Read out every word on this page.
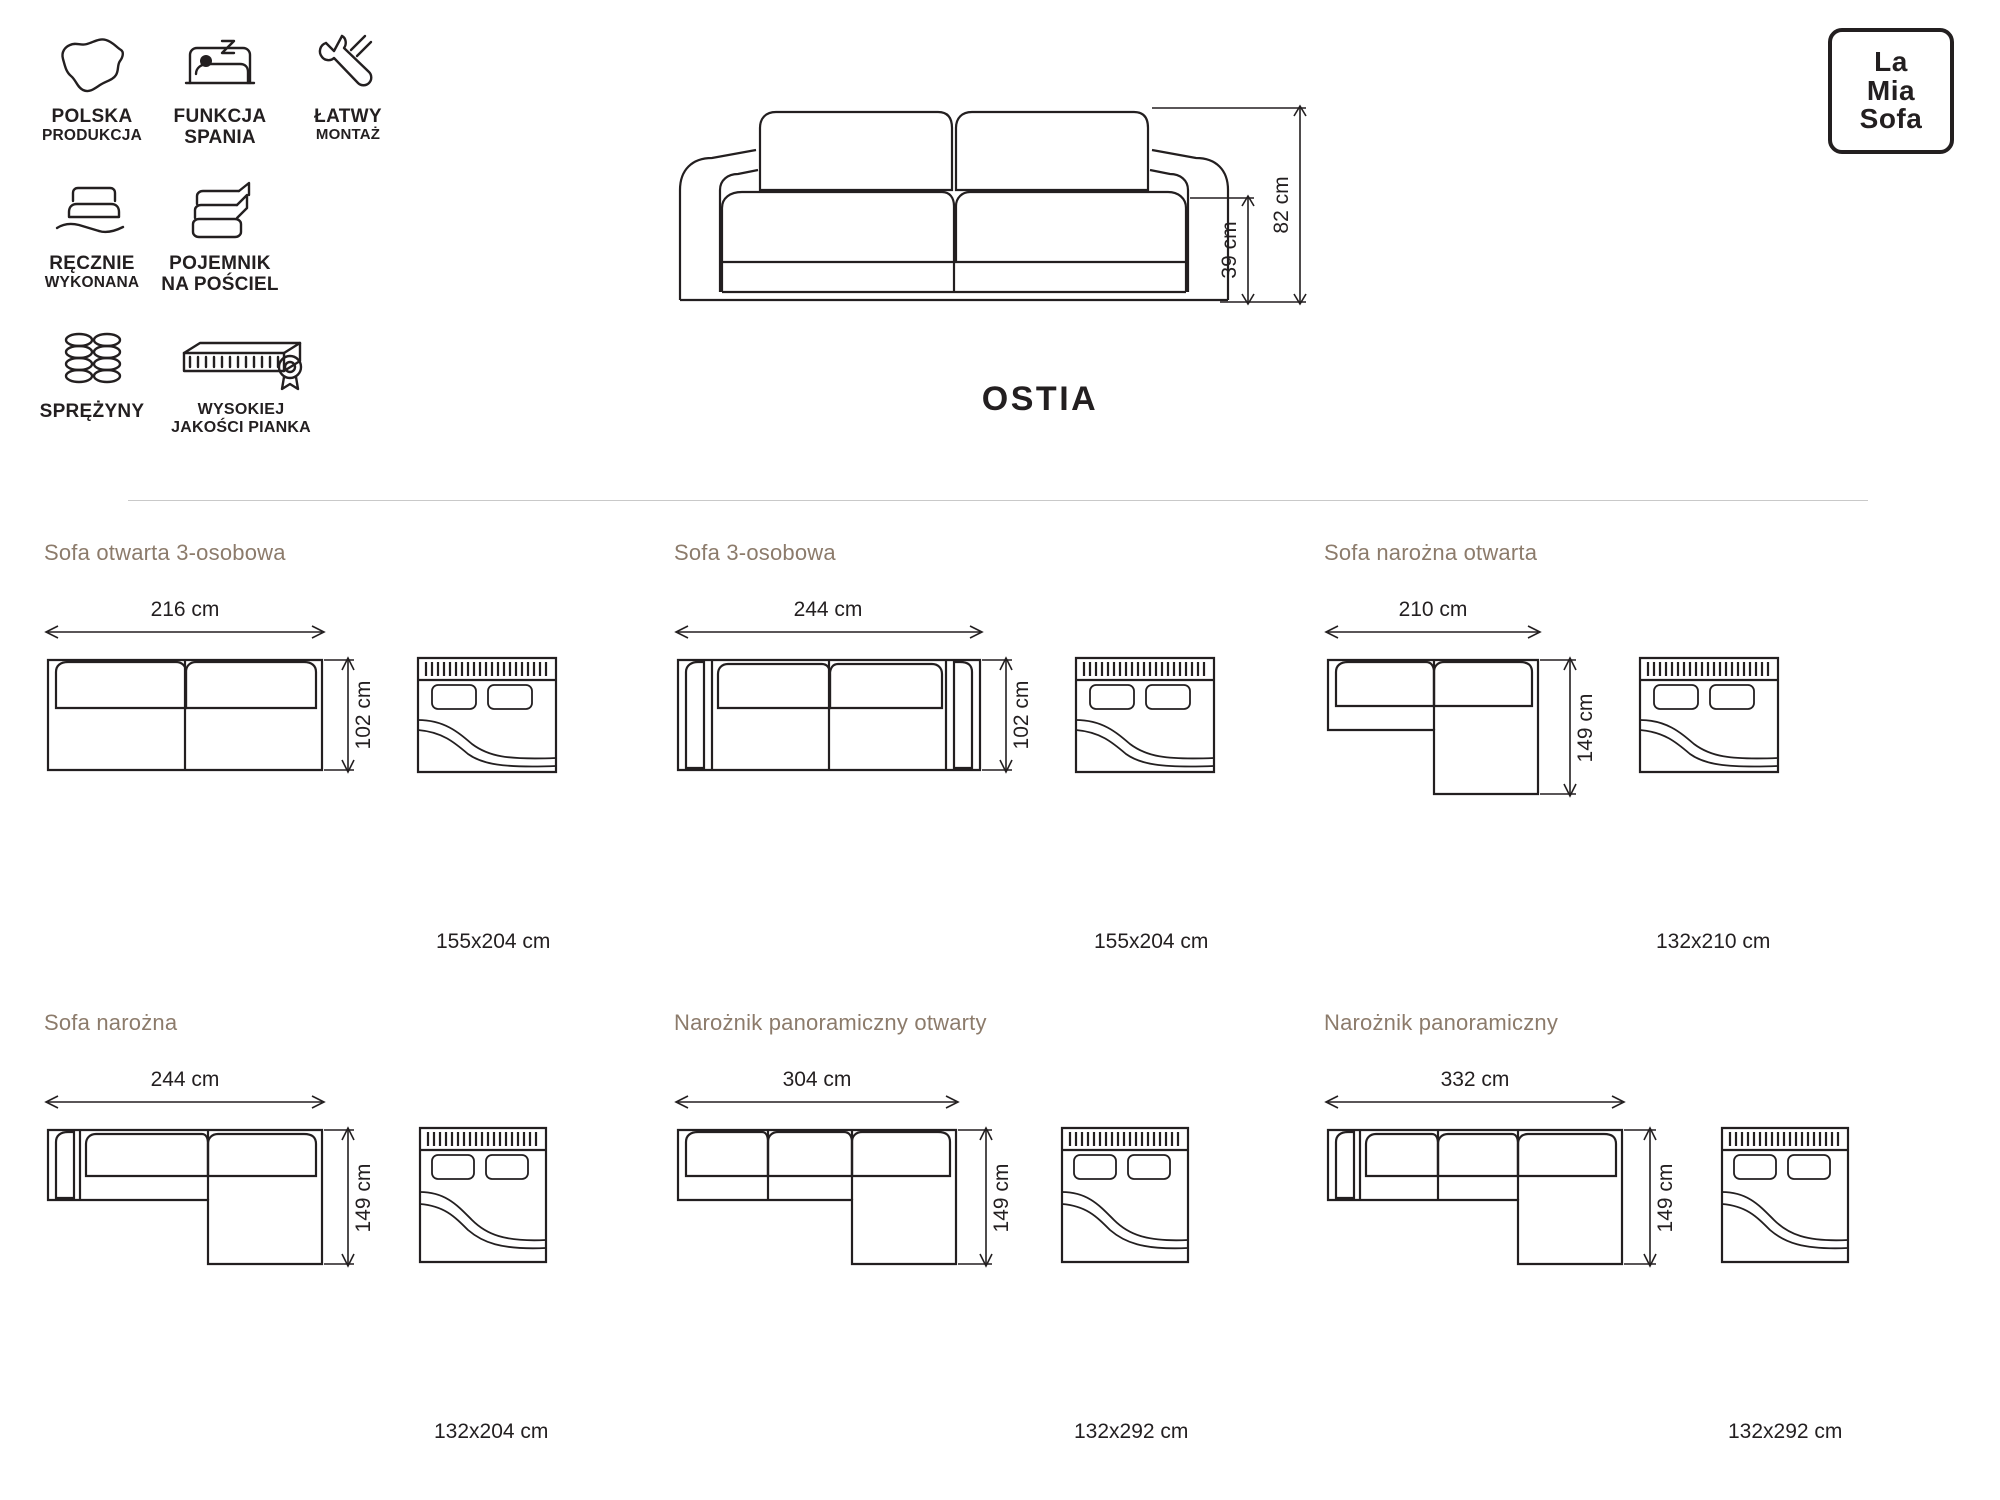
POLSKA
PRODUKCJA
FUNKCJA
SPANIA
ŁATWY
MONTAŻ
RĘCZNIE
WYKONANA
POJEMNIK
NA POŚCIEL
SPRĘŻYNY	WYSOKIEJ
JAKOŚCI PIANKA
82 cm
39 cm
OSTIA
La
Mia
Sofa
Sofa otwarta 3-osobowa
216 cm
102 cm
155x204 cm
Sofa 3-osobowa
244 cm
102 cm
155x204 cm
Sofa narożna otwarta
210 cm
149 cm
132x210 cm
Sofa narożna
244 cm
149 cm
132x204 cm
Narożnik panoramiczny otwarty
304 cm
149 cm
132x292 cm
Narożnik panoramiczny
332 cm
149 cm
132x292 cm
